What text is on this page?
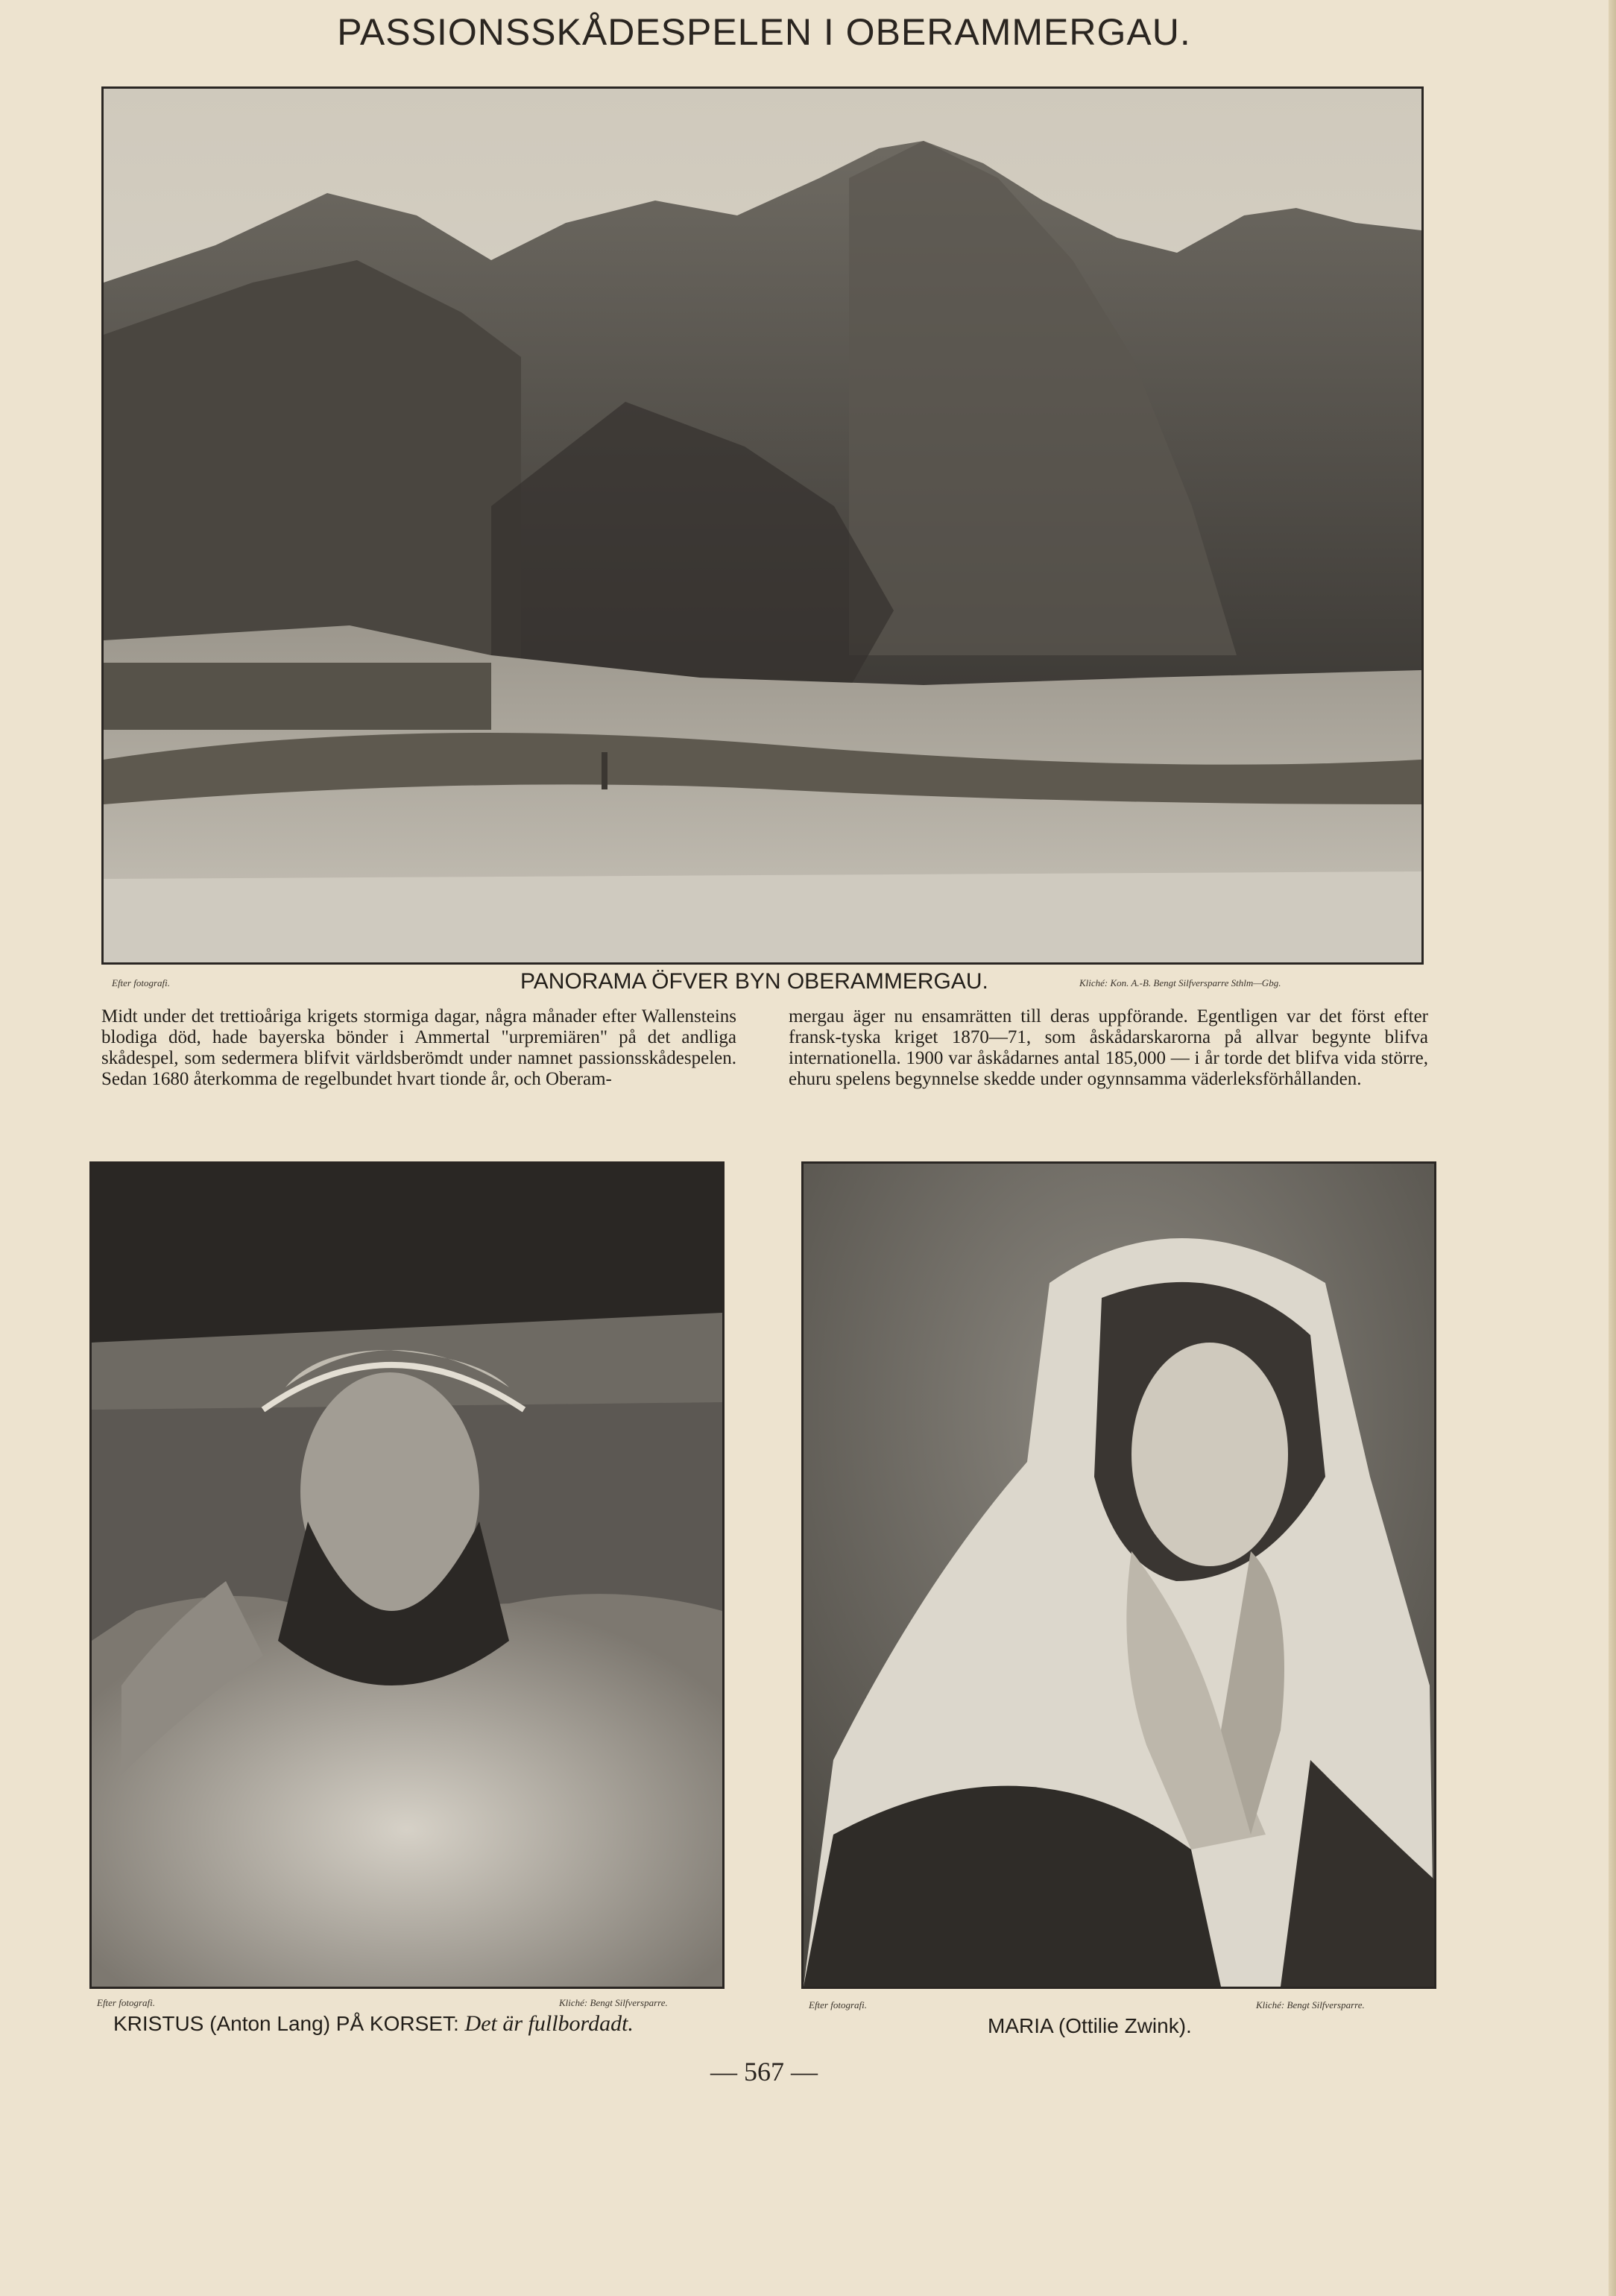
PASSIONSSKÅDESPELEN I OBERAMMERGAU.
Efter fotografi.	PANORAMA ÖFVER BYN OBERAMMERGAU.	Kliché: Kon. A.-B. Bengt Silfversparre Sthlm—Gbg.

Midt under det trettioåriga krigets stormiga dagar, några månader efter Wallensteins blodiga död, hade bayerska bönder i Ammertal "urpremiären" på det andliga skådespel, som sedermera blifvit världsberömdt under namnet passionsskådespelen. Sedan 1680 återkomma de regelbundet hvart tionde år, och Oberam-

mergau äger nu ensamrätten till deras uppförande. Egentligen var det först efter fransk-tyska kriget 1870—71, som åskådarskarorna på allvar begynte blifva internationella. 1900 var åskådarnes antal 185,000 — i år torde det blifva vida större, ehuru spelens begynnelse skedde under ogynnsamma väderleksförhållanden.

Efter fotografi.	Kliché: Bengt Silfversparre.
KRISTUS (Anton Lang) PÅ KORSET: Det är fullbordadt.
Efter fotografi.	Kliché: Bengt Silfversparre.
MARIA (Ottilie Zwink).
— 567 —
